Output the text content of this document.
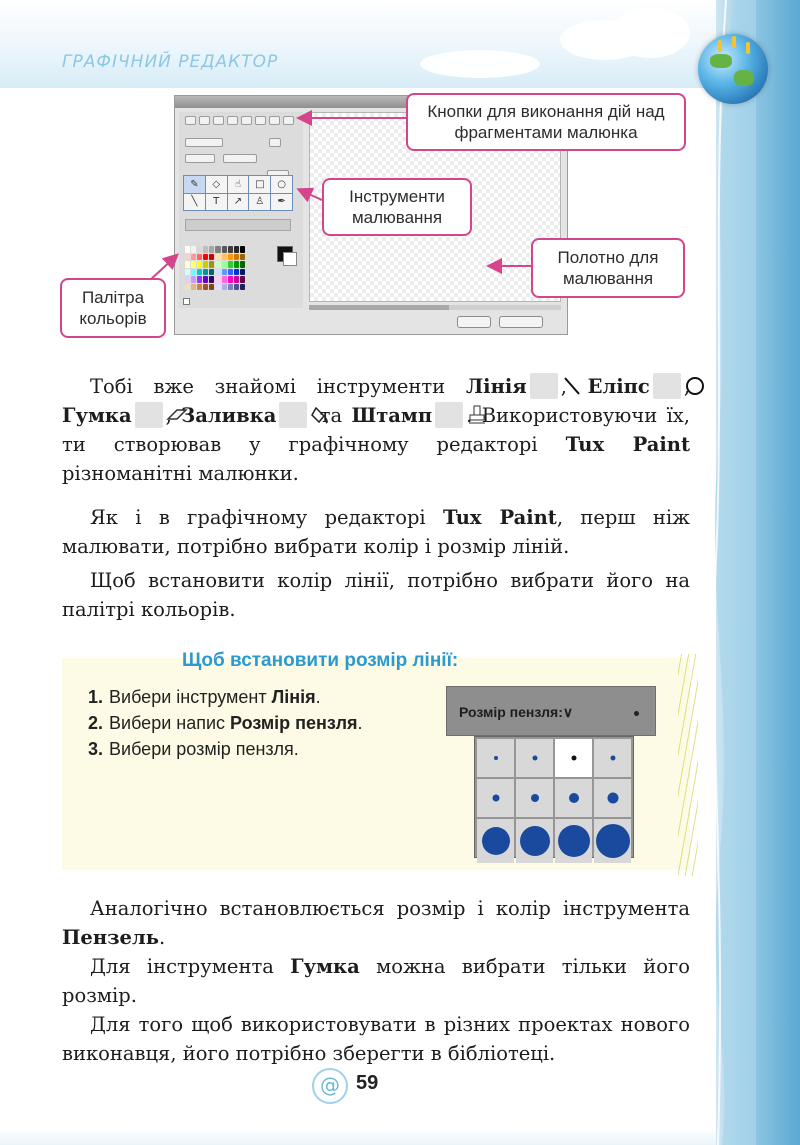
ГРАФІЧНИЙ РЕДАКТОР
✎	◇	☝	□	○
╲	T	↗	♙	✒
Кнопки для виконання дій над фрагментами малюнка
Інструменти малювання
Полотно для малювання
Палітра кольорів

Тобі вже знайомі інструменти Лінія , Еліпс , Гумка , Заливка та Штамп . Використовуючи їх, ти створював у графічному редакторі Tux Paint різноманітні малюнки.

Як і в графічному редакторі Tux Paint, перш ніж малювати, потрібно вибрати колір і розмір ліній.

Щоб встановити колір лінії, потрібно вибрати його на палітрі кольорів.

Щоб встановити розмір лінії:
1. Вибери інструмент Лінія.
2. Вибери напис Розмір пензля.
3. Вибери розмір пензля.
Розмір пензля:∨

Аналогічно встановлюється розмір і колір інструмента Пензель.

Для інструмента Гумка можна вибрати тільки його розмір.

Для того щоб використовувати в різних проектах нового виконавця, його потрібно зберегти в бібліотеці.

@ 59
